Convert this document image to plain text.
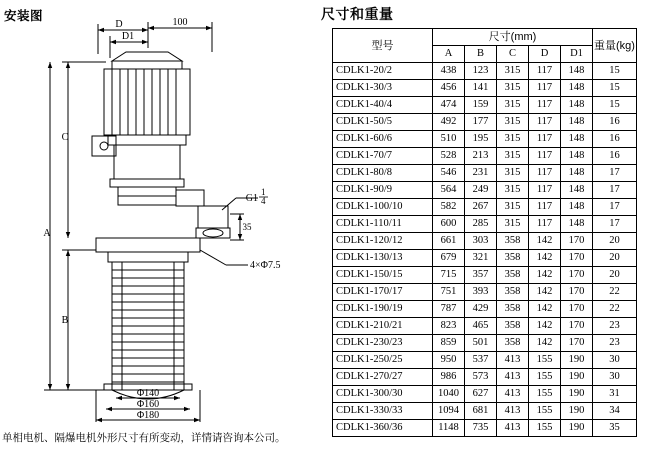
安装图
D	100
D1
C
A
B
G1
1
4
35
4×Φ7.5
Φ140
Φ160
Φ180
单相电机、隔爆电机外形尺寸有所变动，详情请咨询本公司。
尺寸和重量
型号	尺寸(mm)					重量(kg)
	A	B	C	D	D1	
CDLK1-20/2	438	123	315	117	148	15
CDLK1-30/3	456	141	315	117	148	15
CDLK1-40/4	474	159	315	117	148	15
CDLK1-50/5	492	177	315	117	148	16
CDLK1-60/6	510	195	315	117	148	16
CDLK1-70/7	528	213	315	117	148	16
CDLK1-80/8	546	231	315	117	148	17
CDLK1-90/9	564	249	315	117	148	17
CDLK1-100/10	582	267	315	117	148	17
CDLK1-110/11	600	285	315	117	148	17
CDLK1-120/12	661	303	358	142	170	20
CDLK1-130/13	679	321	358	142	170	20
CDLK1-150/15	715	357	358	142	170	20
CDLK1-170/17	751	393	358	142	170	22
CDLK1-190/19	787	429	358	142	170	22
CDLK1-210/21	823	465	358	142	170	23
CDLK1-230/23	859	501	358	142	170	23
CDLK1-250/25	950	537	413	155	190	30
CDLK1-270/27	986	573	413	155	190	30
CDLK1-300/30	1040	627	413	155	190	31
CDLK1-330/33	1094	681	413	155	190	34
CDLK1-360/36	1148	735	413	155	190	35
